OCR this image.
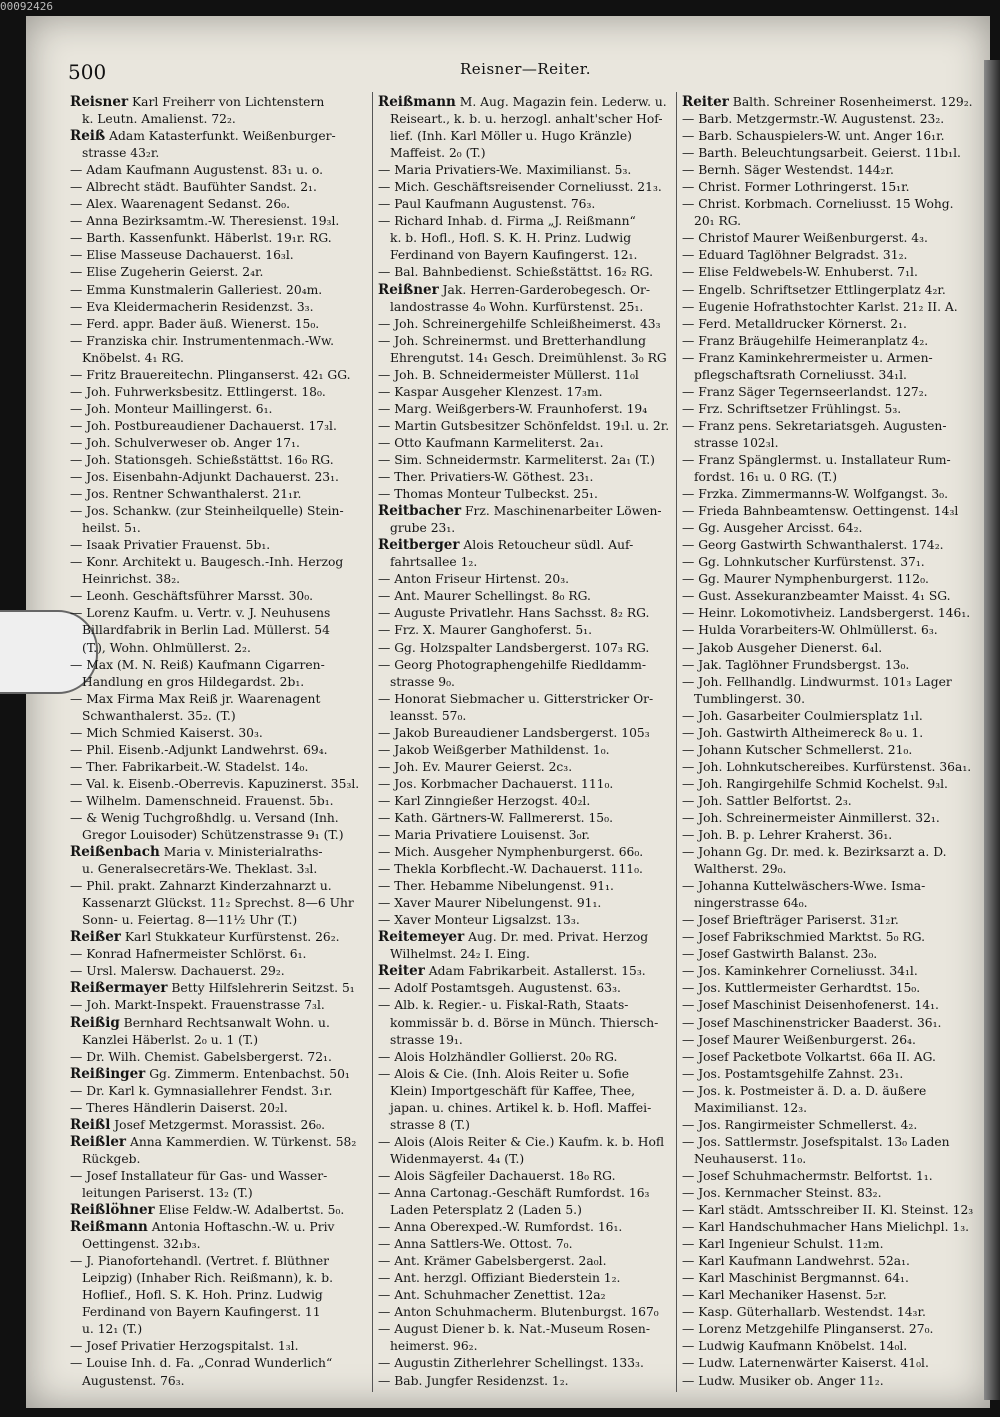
00092426
500	Reisner—Reiter.
Reisner Karl Freiherr von Lichtenstern
k. Leutn. Amalienst. 72₂.
Reiß Adam Katasterfunkt. Weißenburger-
strasse 43₂r.
— Adam Kaufmann Augustenst. 83₁ u. o.
— Albrecht städt. Baufühter Sandst. 2₁.
— Alex. Waarenagent Sedanst. 26₀.
— Anna Bezirksamtm.-W. Theresienst. 19₃l.
— Barth. Kassenfunkt. Häberlst. 19₁r. RG.
— Elise Masseuse Dachauerst. 16₃l.
— Elise Zugeherin Geierst. 2₄r.
— Emma Kunstmalerin Galleriest. 20₄m.
— Eva Kleidermacherin Residenzst. 3₃.
— Ferd. appr. Bader äuß. Wienerst. 15₀.
— Franziska chir. Instrumentenmach.-Ww.
Knöbelst. 4₁ RG.
— Fritz Brauereitechn. Plinganserst. 42₁ GG.
— Joh. Fuhrwerksbesitz. Ettlingerst. 18₀.
— Joh. Monteur Maillingerst. 6₁.
— Joh. Postbureaudiener Dachauerst. 17₃l.
— Joh. Schulverweser ob. Anger 17₁.
— Joh. Stationsgeh. Schießstättst. 16₀ RG.
— Jos. Eisenbahn-Adjunkt Dachauerst. 23₁.
— Jos. Rentner Schwanthalerst. 21₁r.
— Jos. Schankw. (zur Steinheilquelle) Stein-
heilst. 5₁.
— Isaak Privatier Frauenst. 5b₁.
— Konr. Architekt u. Baugesch.-Inh. Herzog
Heinrichst. 38₂.
— Leonh. Geschäftsführer Marsst. 30₀.
— Lorenz Kaufm. u. Vertr. v. J. Neuhusens
Billardfabrik in Berlin Lad. Müllerst. 54
(T.), Wohn. Ohlmüllerst. 2₂.
— Max (M. N. Reiß) Kaufmann Cigarren-
Handlung en gros Hildegardst. 2b₁.
— Max Firma Max Reiß jr. Waarenagent
Schwanthalerst. 35₂. (T.)
— Mich Schmied Kaiserst. 30₃.
— Phil. Eisenb.-Adjunkt Landwehrst. 69₄.
— Ther. Fabrikarbeit.-W. Stadelst. 14₀.
— Val. k. Eisenb.-Oberrevis. Kapuzinerst. 35₃l.
— Wilhelm. Damenschneid. Frauenst. 5b₁.
— & Wenig Tuchgroßhdlg. u. Versand (Inh.
Gregor Louisoder) Schützenstrasse 9₁ (T.)
Reißenbach Maria v. Ministerialraths-
u. Generalsecretärs-We. Theklast. 3₃l.
— Phil. prakt. Zahnarzt Kinderzahnarzt u.
Kassenarzt Glückst. 11₂ Sprechst. 8—6 Uhr
Sonn- u. Feiertag. 8—11½ Uhr (T.)
Reißer Karl Stukkateur Kurfürstenst. 26₂.
— Konrad Hafnermeister Schlörst. 6₁.
— Ursl. Malersw. Dachauerst. 29₂.
Reißermayer Betty Hilfslehrerin Seitzst. 5₁
— Joh. Markt-Inspekt. Frauenstrasse 7₃l.
Reißig Bernhard Rechtsanwalt Wohn. u.
Kanzlei Häberlst. 2₀ u. 1 (T.)
— Dr. Wilh. Chemist. Gabelsbergerst. 72₁.
Reißinger Gg. Zimmerm. Entenbachst. 50₁
— Dr. Karl k. Gymnasiallehrer Fendst. 3₁r.
— Theres Händlerin Daiserst. 20₂l.
Reißl Josef Metzgermst. Morassist. 26₀.
Reißler Anna Kammerdien. W. Türkenst. 58₂
Rückgeb.
— Josef Installateur für Gas- und Wasser-
leitungen Pariserst. 13₂ (T.)
Reißlöhner Elise Feldw.-W. Adalbertst. 5₀.
Reißmann Antonia Hoftaschn.-W. u. Priv
Oettingenst. 32₁b₃.
— J. Pianofortehandl. (Vertret. f. Blüthner
Leipzig) (Inhaber Rich. Reißmann), k. b.
Hoflief., Hofl. S. K. Hoh. Prinz. Ludwig
Ferdinand von Bayern Kaufingerst. 11
u. 12₁ (T.)
— Josef Privatier Herzogspitalst. 1₃l.
— Louise Inh. d. Fa. „Conrad Wunderlich“
Augustenst. 76₃.
Reißmann M. Aug. Magazin fein. Lederw. u.
Reiseart., k. b. u. herzogl. anhalt'scher Hof-
lief. (Inh. Karl Möller u. Hugo Kränzle)
Maffeist. 2₀ (T.)
— Maria Privatiers-We. Maximilianst. 5₃.
— Mich. Geschäftsreisender Corneliusst. 21₃.
— Paul Kaufmann Augustenst. 76₃.
— Richard Inhab. d. Firma „J. Reißmann“
k. b. Hofl., Hofl. S. K. H. Prinz. Ludwig
Ferdinand von Bayern Kaufingerst. 12₁.
— Bal. Bahnbedienst. Schießstättst. 16₂ RG.
Reißner Jak. Herren-Garderobegesch. Or-
landostrasse 4₀ Wohn. Kurfürstenst. 25₁.
— Joh. Schreinergehilfe Schleißheimerst. 43₃
— Joh. Schreinermst. und Bretterhandlung
Ehrengutst. 14₁ Gesch. Dreimühlenst. 3₀ RG
— Joh. B. Schneidermeister Müllerst. 11₀l
— Kaspar Ausgeher Klenzest. 17₃m.
— Marg. Weißgerbers-W. Fraunhoferst. 19₄
— Martin Gutsbesitzer Schönfeldst. 19₁l. u. 2r.
— Otto Kaufmann Karmeliterst. 2a₁.
— Sim. Schneidermstr. Karmeliterst. 2a₁ (T.)
— Ther. Privatiers-W. Göthest. 23₁.
— Thomas Monteur Tulbeckst. 25₁.
Reitbacher Frz. Maschinenarbeiter Löwen-
grube 23₁.
Reitberger Alois Retoucheur südl. Auf-
fahrtsallee 1₂.
— Anton Friseur Hirtenst. 20₃.
— Ant. Maurer Schellingst. 8₀ RG.
— Auguste Privatlehr. Hans Sachsst. 8₂ RG.
— Frz. X. Maurer Ganghoferst. 5₁.
— Gg. Holzspalter Landsbergerst. 107₃ RG.
— Georg Photographengehilfe Riedldamm-
strasse 9₀.
— Honorat Siebmacher u. Gitterstricker Or-
leansst. 57₀.
— Jakob Bureaudiener Landsbergerst. 105₃
— Jakob Weißgerber Mathildenst. 1₀.
— Joh. Ev. Maurer Geierst. 2c₃.
— Jos. Korbmacher Dachauerst. 111₀.
— Karl Zinngießer Herzogst. 40₂l.
— Kath. Gärtners-W. Fallmererst. 15₀.
— Maria Privatiere Louisenst. 3₀r.
— Mich. Ausgeher Nymphenburgerst. 66₀.
— Thekla Korbflecht.-W. Dachauerst. 111₀.
— Ther. Hebamme Nibelungenst. 91₁.
— Xaver Maurer Nibelungenst. 91₁.
— Xaver Monteur Ligsalzst. 13₃.
Reitemeyer Aug. Dr. med. Privat. Herzog
Wilhelmst. 24₂ I. Eing.
Reiter Adam Fabrikarbeit. Astallerst. 15₃.
— Adolf Postamtsgeh. Augustenst. 63₃.
— Alb. k. Regier.- u. Fiskal-Rath, Staats-
kommissär b. d. Börse in Münch. Thiersch-
strasse 19₁.
— Alois Holzhändler Gollierst. 20₀ RG.
— Alois & Cie. (Inh. Alois Reiter u. Sofie
Klein) Importgeschäft für Kaffee, Thee,
japan. u. chines. Artikel k. b. Hofl. Maffei-
strasse 8 (T.)
— Alois (Alois Reiter & Cie.) Kaufm. k. b. Hofl
Widenmayerst. 4₄ (T.)
— Alois Sägfeiler Dachauerst. 18₀ RG.
— Anna Cartonag.-Geschäft Rumfordst. 16₃
Laden Petersplatz 2 (Laden 5.)
— Anna Oberexped.-W. Rumfordst. 16₁.
— Anna Sattlers-We. Ottost. 7₀.
— Ant. Krämer Gabelsbergerst. 2a₀l.
— Ant. herzgl. Offiziant Biederstein 1₂.
— Ant. Schuhmacher Zenettist. 12a₂
— Anton Schuhmacherm. Blutenburgst. 167₀
— August Diener b. k. Nat.-Museum Rosen-
heimerst. 96₂.
— Augustin Zitherlehrer Schellingst. 133₃.
— Bab. Jungfer Residenzst. 1₂.
Reiter Balth. Schreiner Rosenheimerst. 129₂.
— Barb. Metzgermstr.-W. Augustenst. 23₂.
— Barb. Schauspielers-W. unt. Anger 16₁r.
— Barth. Beleuchtungsarbeit. Geierst. 11b₁l.
— Bernh. Säger Westendst. 144₂r.
— Christ. Former Lothringerst. 15₁r.
— Christ. Korbmach. Corneliusst. 15 Wohg.
20₁ RG.
— Christof Maurer Weißenburgerst. 4₃.
— Eduard Taglöhner Belgradst. 31₂.
— Elise Feldwebels-W. Enhuberst. 7₁l.
— Engelb. Schriftsetzer Ettlingerplatz 4₂r.
— Eugenie Hofrathstochter Karlst. 21₂ II. A.
— Ferd. Metalldrucker Körnerst. 2₁.
— Franz Bräugehilfe Heimeranplatz 4₂.
— Franz Kaminkehrermeister u. Armen-
pflegschaftsrath Corneliusst. 34₁l.
— Franz Säger Tegernseerlandst. 127₂.
— Frz. Schriftsetzer Frühlingst. 5₃.
— Franz pens. Sekretariatsgeh. Augusten-
strasse 102₃l.
— Franz Spänglermst. u. Installateur Rum-
fordst. 16₁ u. 0 RG. (T.)
— Frzka. Zimmermanns-W. Wolfgangst. 3₀.
— Frieda Bahnbeamtensw. Oettingenst. 14₃l
— Gg. Ausgeher Arcisst. 64₂.
— Georg Gastwirth Schwanthalerst. 174₂.
— Gg. Lohnkutscher Kurfürstenst. 37₁.
— Gg. Maurer Nymphenburgerst. 112₀.
— Gust. Assekuranzbeamter Maisst. 4₁ SG.
— Heinr. Lokomotivheiz. Landsbergerst. 146₁.
— Hulda Vorarbeiters-W. Ohlmüllerst. 6₃.
— Jakob Ausgeher Dienerst. 6₄l.
— Jak. Taglöhner Frundsbergst. 13₀.
— Joh. Fellhandlg. Lindwurmst. 101₃ Lager
Tumblingerst. 30.
— Joh. Gasarbeiter Coulmiersplatz 1₁l.
— Joh. Gastwirth Altheimereck 8₀ u. 1.
— Johann Kutscher Schmellerst. 21₀.
— Joh. Lohnkutschereibes. Kurfürstenst. 36a₁.
— Joh. Rangirgehilfe Schmid Kochelst. 9₃l.
— Joh. Sattler Belfortst. 2₃.
— Joh. Schreinermeister Ainmillerst. 32₁.
— Joh. B. p. Lehrer Kraherst. 36₁.
— Johann Gg. Dr. med. k. Bezirksarzt a. D.
Waltherst. 29₀.
— Johanna Kuttelwäschers-Wwe. Isma-
ningerstrasse 64₀.
— Josef Briefträger Pariserst. 31₂r.
— Josef Fabrikschmied Marktst. 5₀ RG.
— Josef Gastwirth Balanst. 23₀.
— Jos. Kaminkehrer Corneliusst. 34₁l.
— Jos. Kuttlermeister Gerhardtst. 15₀.
— Josef Maschinist Deisenhofenerst. 14₁.
— Josef Maschinenstricker Baaderst. 36₁.
— Josef Maurer Weißenburgerst. 26₄.
— Josef Packetbote Volkartst. 66a II. AG.
— Jos. Postamtsgehilfe Zahnst. 23₁.
— Jos. k. Postmeister ä. D. a. D. äußere
Maximilianst. 12₃.
— Jos. Rangirmeister Schmellerst. 4₂.
— Jos. Sattlermstr. Josefspitalst. 13₀ Laden
Neuhauserst. 11₀.
— Josef Schuhmachermstr. Belfortst. 1₁.
— Jos. Kernmacher Steinst. 83₂.
— Karl städt. Amtsschreiber II. Kl. Steinst. 12₃
— Karl Handschuhmacher Hans Mielichpl. 1₃.
— Karl Ingenieur Schulst. 11₂m.
— Karl Kaufmann Landwehrst. 52a₁.
— Karl Maschinist Bergmannst. 64₁.
— Karl Mechaniker Hasenst. 5₂r.
— Kasp. Güterhallarb. Westendst. 14₃r.
— Lorenz Metzgehilfe Plinganserst. 27₀.
— Ludwig Kaufmann Knöbelst. 14₀l.
— Ludw. Laternenwärter Kaiserst. 41₀l.
— Ludw. Musiker ob. Anger 11₂.
